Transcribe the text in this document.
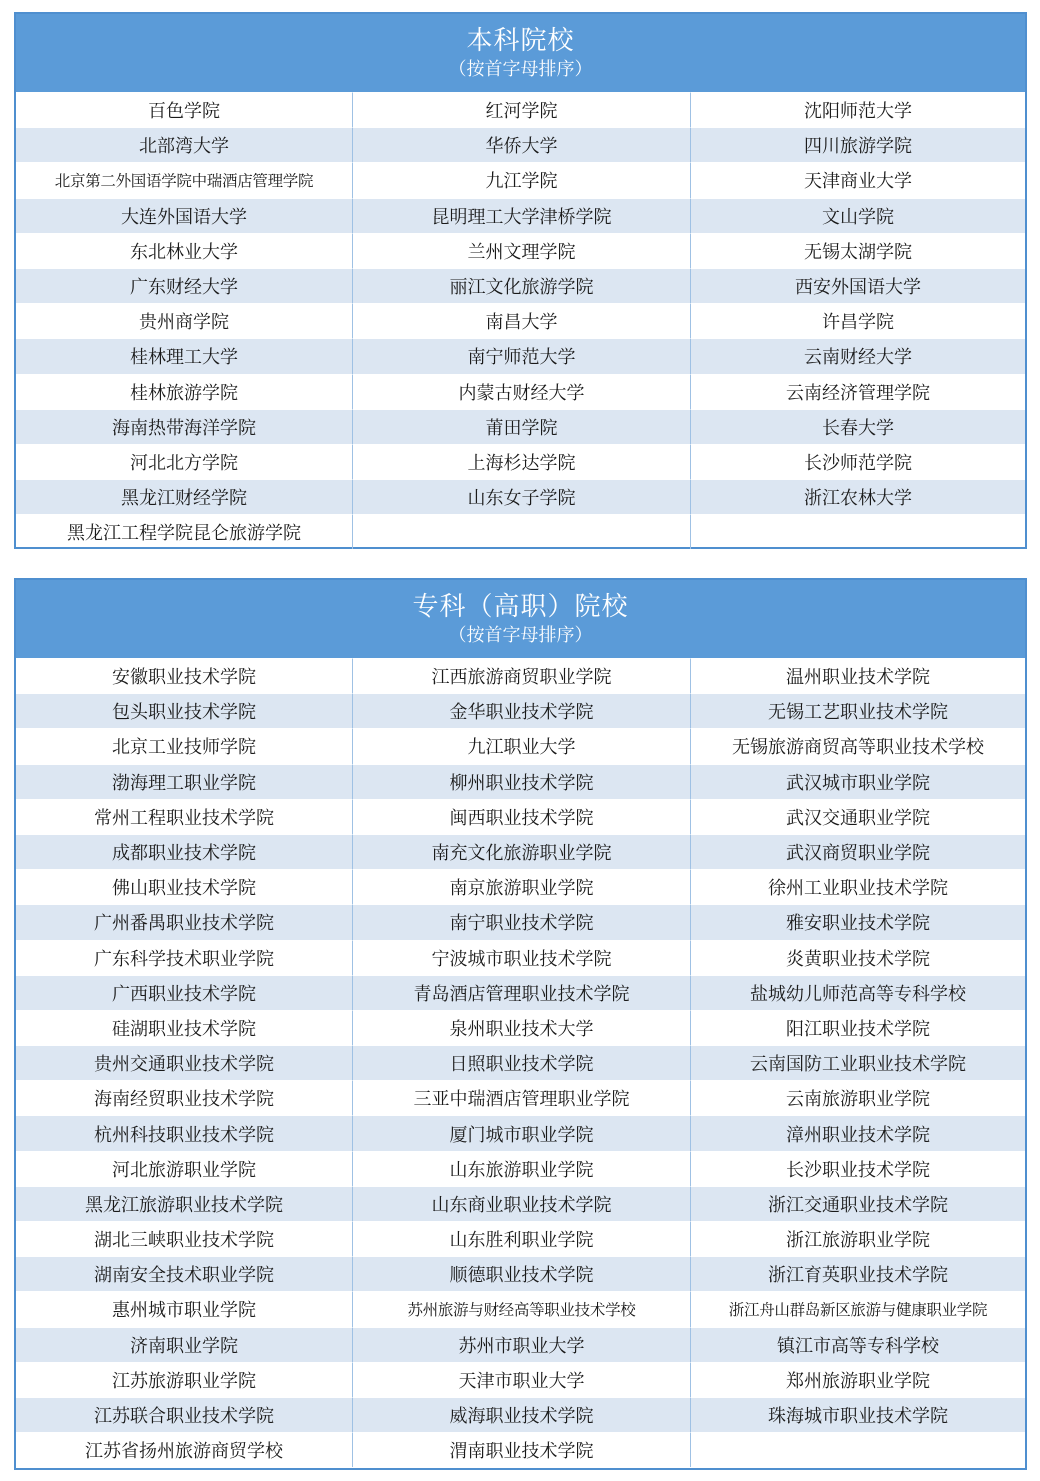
本科院校
（按首字母排序）
百色学院	红河学院	沈阳师范大学
北部湾大学	华侨大学	四川旅游学院
北京第二外国语学院中瑞酒店管理学院	九江学院	天津商业大学
大连外国语大学	昆明理工大学津桥学院	文山学院
东北林业大学	兰州文理学院	无锡太湖学院
广东财经大学	丽江文化旅游学院	西安外国语大学
贵州商学院	南昌大学	许昌学院
桂林理工大学	南宁师范大学	云南财经大学
桂林旅游学院	内蒙古财经大学	云南经济管理学院
海南热带海洋学院	莆田学院	长春大学
河北北方学院	上海杉达学院	长沙师范学院
黑龙江财经学院	山东女子学院	浙江农林大学
黑龙江工程学院昆仑旅游学院
专科（高职）院校
（按首字母排序）
安徽职业技术学院	江西旅游商贸职业学院	温州职业技术学院
包头职业技术学院	金华职业技术学院	无锡工艺职业技术学院
北京工业技师学院	九江职业大学	无锡旅游商贸高等职业技术学校
渤海理工职业学院	柳州职业技术学院	武汉城市职业学院
常州工程职业技术学院	闽西职业技术学院	武汉交通职业学院
成都职业技术学院	南充文化旅游职业学院	武汉商贸职业学院
佛山职业技术学院	南京旅游职业学院	徐州工业职业技术学院
广州番禺职业技术学院	南宁职业技术学院	雅安职业技术学院
广东科学技术职业学院	宁波城市职业技术学院	炎黄职业技术学院
广西职业技术学院	青岛酒店管理职业技术学院	盐城幼儿师范高等专科学校
硅湖职业技术学院	泉州职业技术大学	阳江职业技术学院
贵州交通职业技术学院	日照职业技术学院	云南国防工业职业技术学院
海南经贸职业技术学院	三亚中瑞酒店管理职业学院	云南旅游职业学院
杭州科技职业技术学院	厦门城市职业学院	漳州职业技术学院
河北旅游职业学院	山东旅游职业学院	长沙职业技术学院
黑龙江旅游职业技术学院	山东商业职业技术学院	浙江交通职业技术学院
湖北三峡职业技术学院	山东胜利职业学院	浙江旅游职业学院
湖南安全技术职业学院	顺德职业技术学院	浙江育英职业技术学院
惠州城市职业学院	苏州旅游与财经高等职业技术学校	浙江舟山群岛新区旅游与健康职业学院
济南职业学院	苏州市职业大学	镇江市高等专科学校
江苏旅游职业学院	天津市职业大学	郑州旅游职业学院
江苏联合职业技术学院	威海职业技术学院	珠海城市职业技术学院
江苏省扬州旅游商贸学校	渭南职业技术学院
